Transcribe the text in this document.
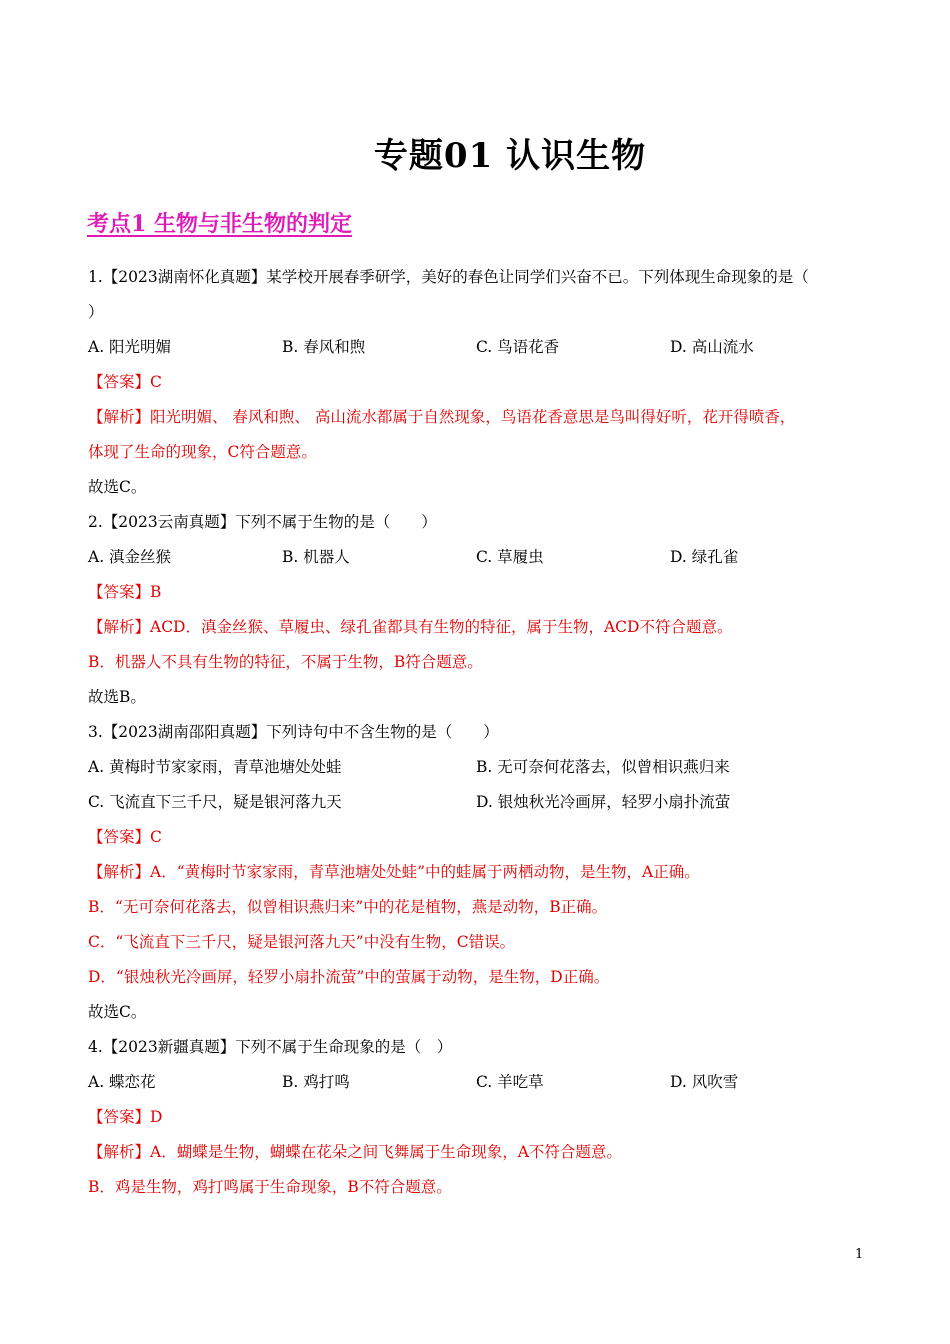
专题01 认识生物
考点1 生物与非生物的判定
1.【2023湖南怀化真题】某学校开展春季研学，美好的春色让同学们兴奋不已。下列体现生命现象的是（
）
A. 阳光明媚	B. 春风和煦	C. 鸟语花香	D. 高山流水
【答案】C
【解析】阳光明媚、 春风和煦、 高山流水都属于自然现象，鸟语花香意思是鸟叫得好听，花开得喷香，
体现了生命的现象，C符合题意。
故选C。
2.【2023云南真题】下列不属于生物的是（　　）
A. 滇金丝猴	B. 机器人	C. 草履虫	D. 绿孔雀
【答案】B
【解析】ACD．滇金丝猴、草履虫、绿孔雀都具有生物的特征，属于生物，ACD不符合题意。
B．机器人不具有生物的特征，不属于生物，B符合题意。
故选B。
3.【2023湖南邵阳真题】下列诗句中不含生物的是（　　）
A. 黄梅时节家家雨，青草池塘处处蛙	B. 无可奈何花落去，似曾相识燕归来
C. 飞流直下三千尺，疑是银河落九天	D. 银烛秋光冷画屏，轻罗小扇扑流萤
【答案】C
【解析】A．“黄梅时节家家雨，青草池塘处处蛙”中的蛙属于两栖动物，是生物，A正确。
B．“无可奈何花落去，似曾相识燕归来”中的花是植物，燕是动物，B正确。
C．“飞流直下三千尺，疑是银河落九天”中没有生物，C错误。
D．“银烛秋光冷画屏，轻罗小扇扑流萤”中的萤属于动物，是生物，D正确。
故选C。
4.【2023新疆真题】下列不属于生命现象的是（　）
A. 蝶恋花	B. 鸡打鸣	C. 羊吃草	D. 风吹雪
【答案】D
【解析】A．蝴蝶是生物，蝴蝶在花朵之间飞舞属于生命现象，A不符合题意。
B．鸡是生物，鸡打鸣属于生命现象，B不符合题意。
1
